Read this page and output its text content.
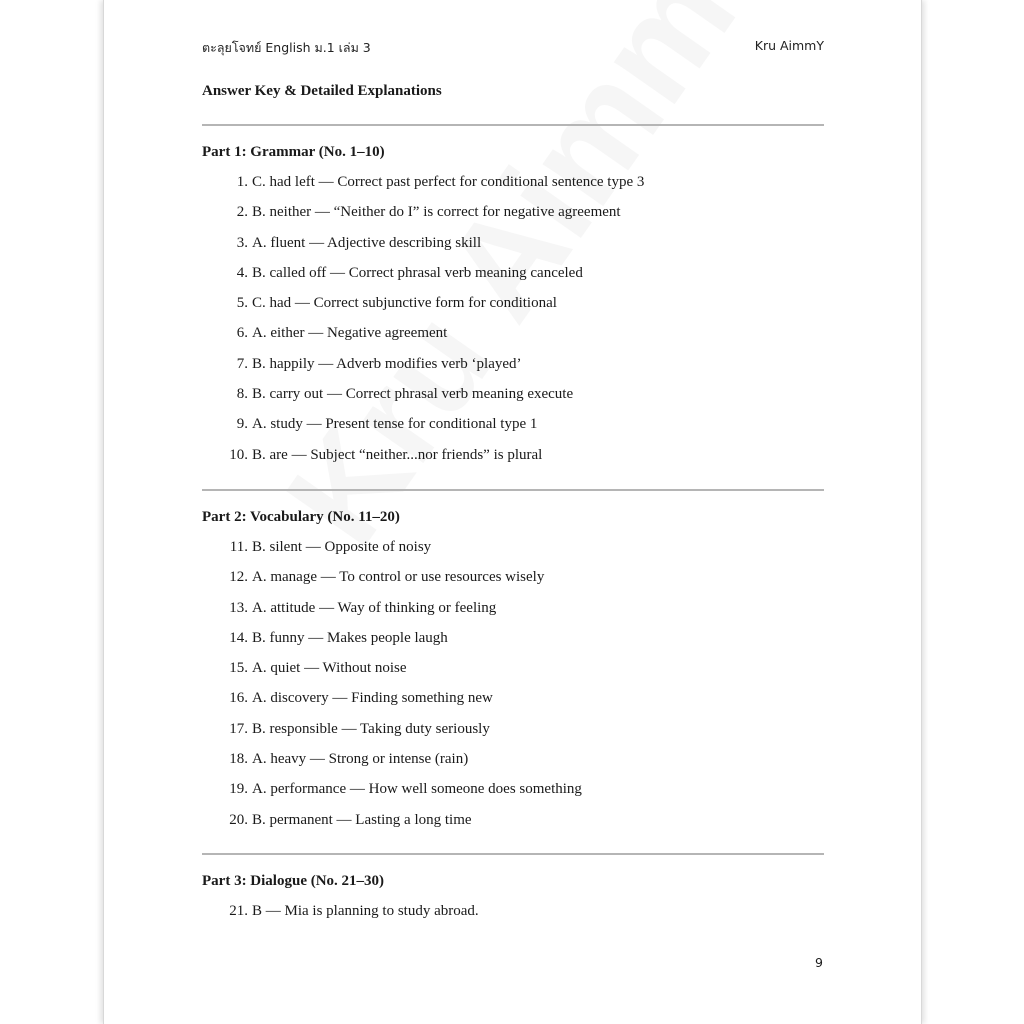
ตะลุยโจทย์ English ม.1 เล่ม 3	Kru AimmY
Answer Key & Detailed Explanations
Part 1: Grammar (No. 1–10)
1. C. had left — Correct past perfect for conditional sentence type 3
2. B. neither — “Neither do I” is correct for negative agreement
3. A. fluent — Adjective describing skill
4. B. called off — Correct phrasal verb meaning canceled
5. C. had — Correct subjunctive form for conditional
6. A. either — Negative agreement
7. B. happily — Adverb modifies verb ‘played’
8. B. carry out — Correct phrasal verb meaning execute
9. A. study — Present tense for conditional type 1
10. B. are — Subject “neither...nor friends” is plural
Part 2: Vocabulary (No. 11–20)
11. B. silent — Opposite of noisy
12. A. manage — To control or use resources wisely
13. A. attitude — Way of thinking or feeling
14. B. funny — Makes people laugh
15. A. quiet — Without noise
16. A. discovery — Finding something new
17. B. responsible — Taking duty seriously
18. A. heavy — Strong or intense (rain)
19. A. performance — How well someone does something
20. B. permanent — Lasting a long time
Part 3: Dialogue (No. 21–30)
21. B — Mia is planning to study abroad.
9
